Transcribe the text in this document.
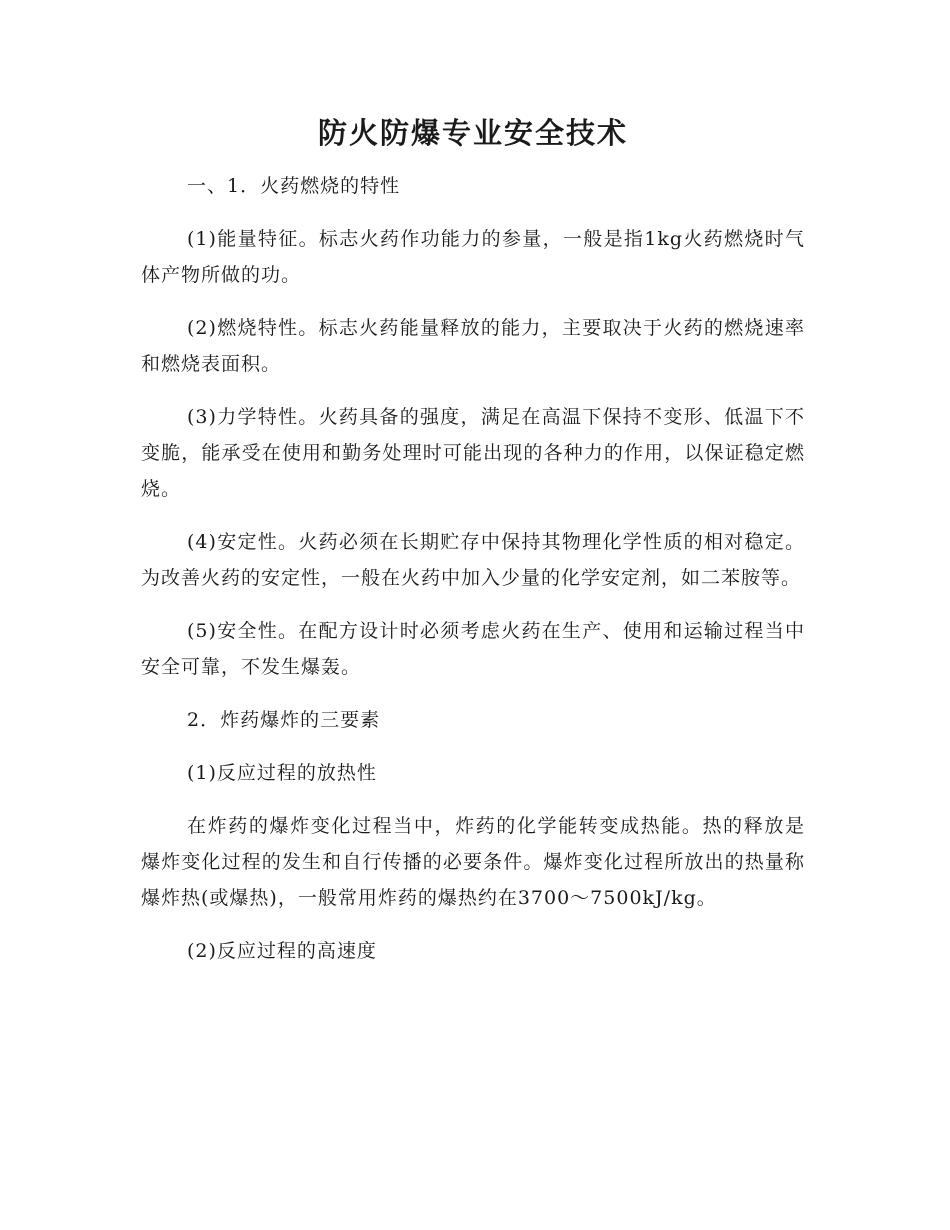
防火防爆专业安全技术

一、1．火药燃烧的特性

(1)能量特征。标志火药作功能力的参量，一般是指1kg火药燃烧时气体产物所做的功。

(2)燃烧特性。标志火药能量释放的能力，主要取决于火药的燃烧速率和燃烧表面积。

(3)力学特性。火药具备的强度，满足在高温下保持不变形、低温下不变脆，能承受在使用和勤务处理时可能出现的各种力的作用，以保证稳定燃烧。

(4)安定性。火药必须在长期贮存中保持其物理化学性质的相对稳定。为改善火药的安定性，一般在火药中加入少量的化学安定剂，如二苯胺等。

(5)安全性。在配方设计时必须考虑火药在生产、使用和运输过程当中安全可靠，不发生爆轰。

2．炸药爆炸的三要素

(1)反应过程的放热性

在炸药的爆炸变化过程当中，炸药的化学能转变成热能。热的释放是爆炸变化过程的发生和自行传播的必要条件。爆炸变化过程所放出的热量称爆炸热(或爆热)，一般常用炸药的爆热约在3700～7500kJ/kg。

(2)反应过程的高速度
